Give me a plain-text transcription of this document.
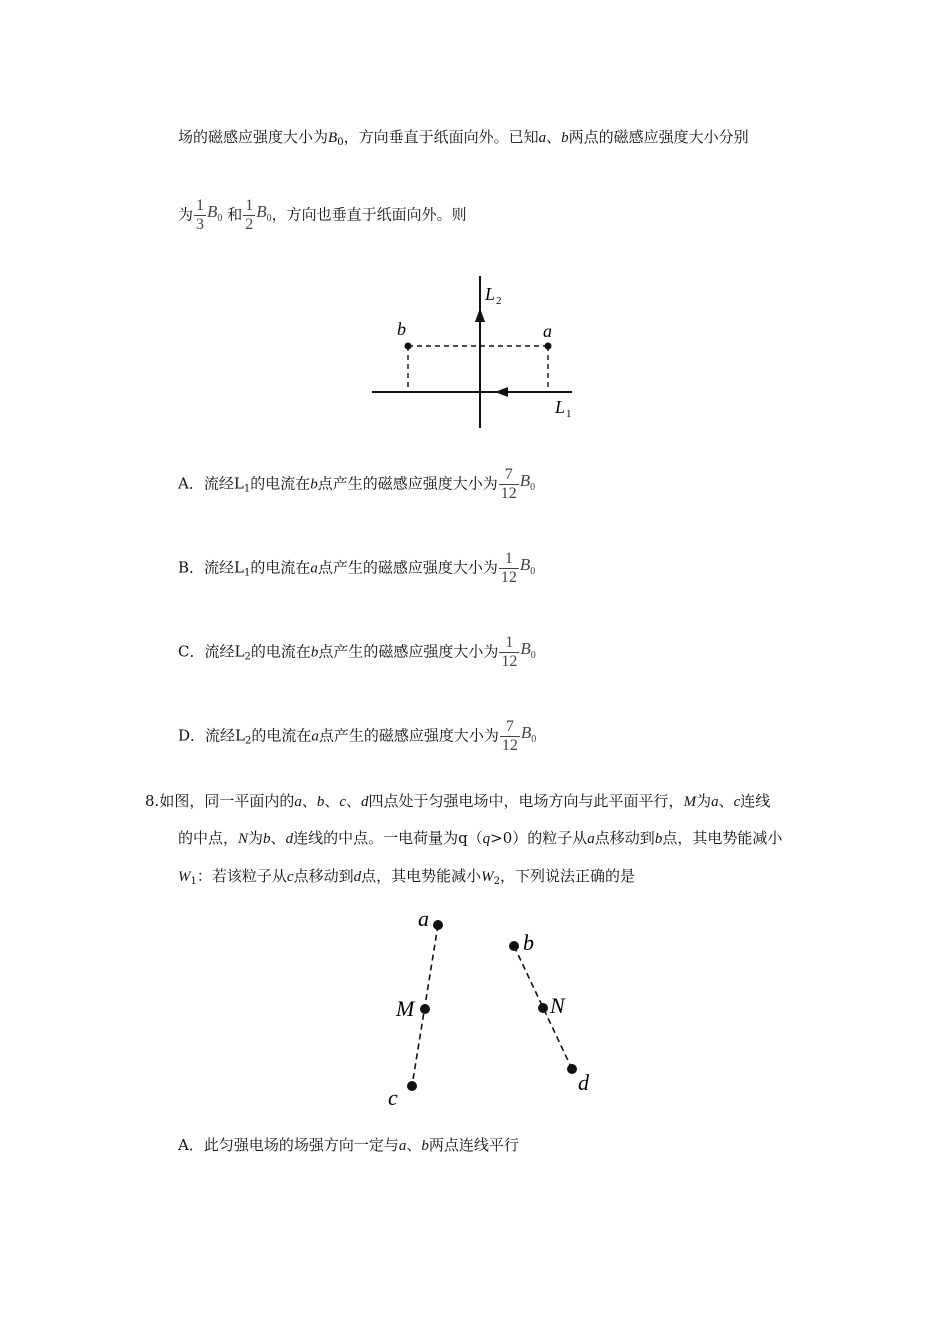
场的磁感应强度大小为$B_0$，方向垂直于纸面向外。已知a、b两点的磁感应强度大小分别
为 $\frac{1}{3} B_0$ 和 $\frac{1}{2} B_0$，方向也垂直于纸面向外。则
b	a
L 2
L 1
A．流经$L_1$的电流在b点产生的磁感应强度大小为 $\frac{7}{12} B_0$
B．流经$L_1$的电流在a点产生的磁感应强度大小为 $\frac{1}{12} B_0$
C．流经$L_2$的电流在b点产生的磁感应强度大小为 $\frac{1}{12} B_0$
D．流经$L_2$的电流在a点产生的磁感应强度大小为 $\frac{7}{12} B_0$
8.如图，同一平面内的a、b、c、d四点处于匀强电场中，电场方向与此平面平行，M为a、c连线
的中点，N为b、d连线的中点。一电荷量为q（q>0）的粒子从a点移动到b点，其电势能减小
$W_1$：若该粒子从c点移动到d点，其电势能减小$W_2$，下列说法正确的是
a
M
c
b
N
d
A．此匀强电场的场强方向一定与a、b两点连线平行
